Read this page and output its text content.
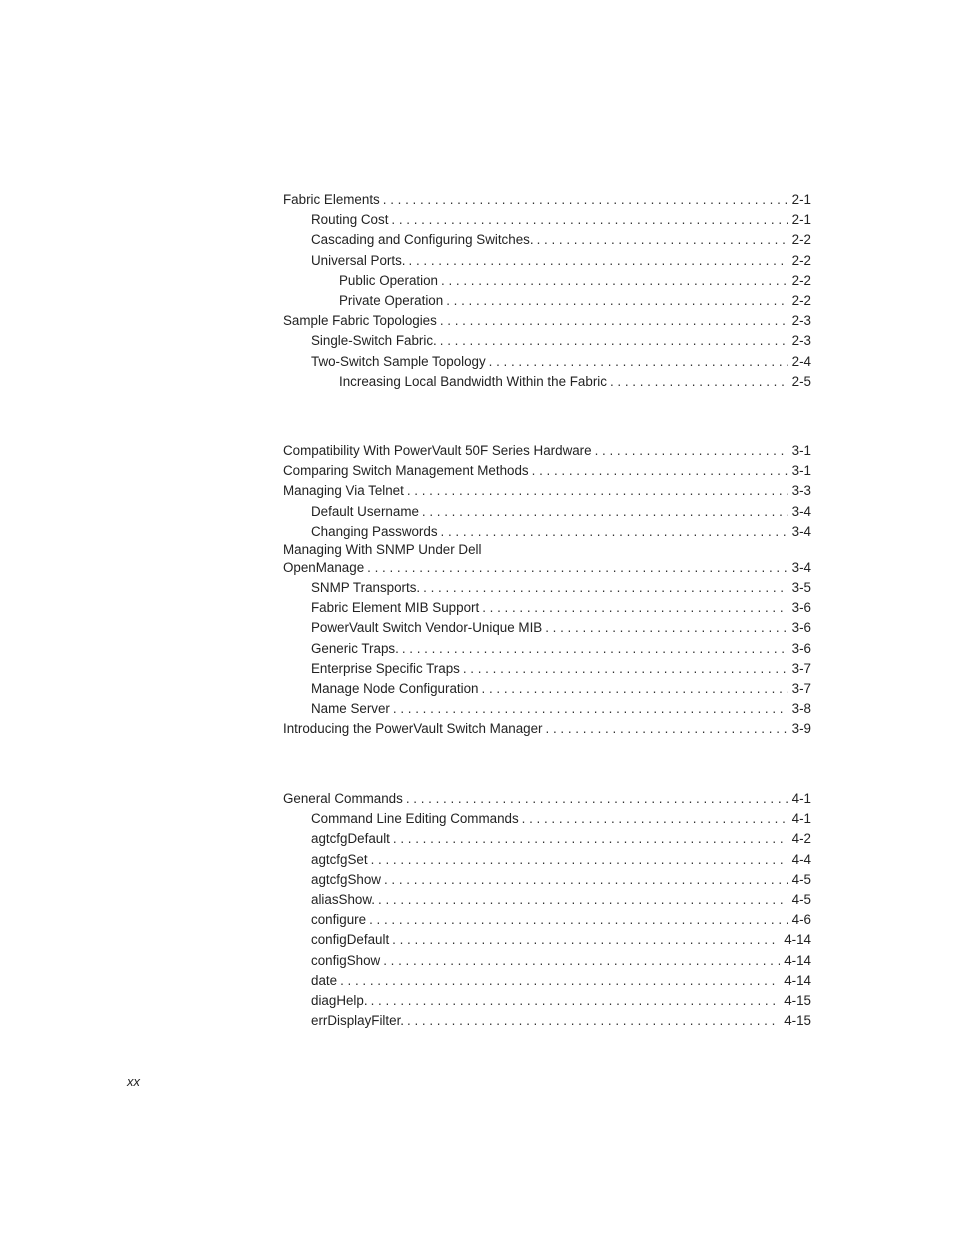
Fabric Elements . . .	2-1
Routing Cost . . .	2-1
Cascading and Configuring Switches. . . .	2-2
Universal Ports. . . .	2-2
Public Operation . . .	2-2
Private Operation . . .	2-2
Sample Fabric Topologies . . .	2-3
Single-Switch Fabric. . . .	2-3
Two-Switch Sample Topology . . .	2-4
Increasing Local Bandwidth Within the Fabric . . .	2-5
Compatibility With PowerVault 50F Series Hardware . . .	3-1
Comparing Switch Management Methods . . .	3-1
Managing Via Telnet . . .	3-3
Default Username . . .	3-4
Changing Passwords . . .	3-4
Managing With SNMP Under Dell
OpenManage . . .	3-4
SNMP Transports. . . .	3-5
Fabric Element MIB Support . . .	3-6
PowerVault Switch Vendor-Unique MIB . . .	3-6
Generic Traps. . . .	3-6
Enterprise Specific Traps . . .	3-7
Manage Node Configuration . . .	3-7
Name Server . . .	3-8
Introducing the PowerVault Switch Manager . . .	3-9
General Commands . . .	4-1
Command Line Editing Commands . . .	4-1
agtcfgDefault . . .	4-2
agtcfgSet . . .	4-4
agtcfgShow . . .	4-5
aliasShow. . . .	4-5
configure . . .	4-6
configDefault . . .	4-14
configShow . . .	4-14
date . . .	4-14
diagHelp. . . .	4-15
errDisplayFilter. . . .	4-15
xx
